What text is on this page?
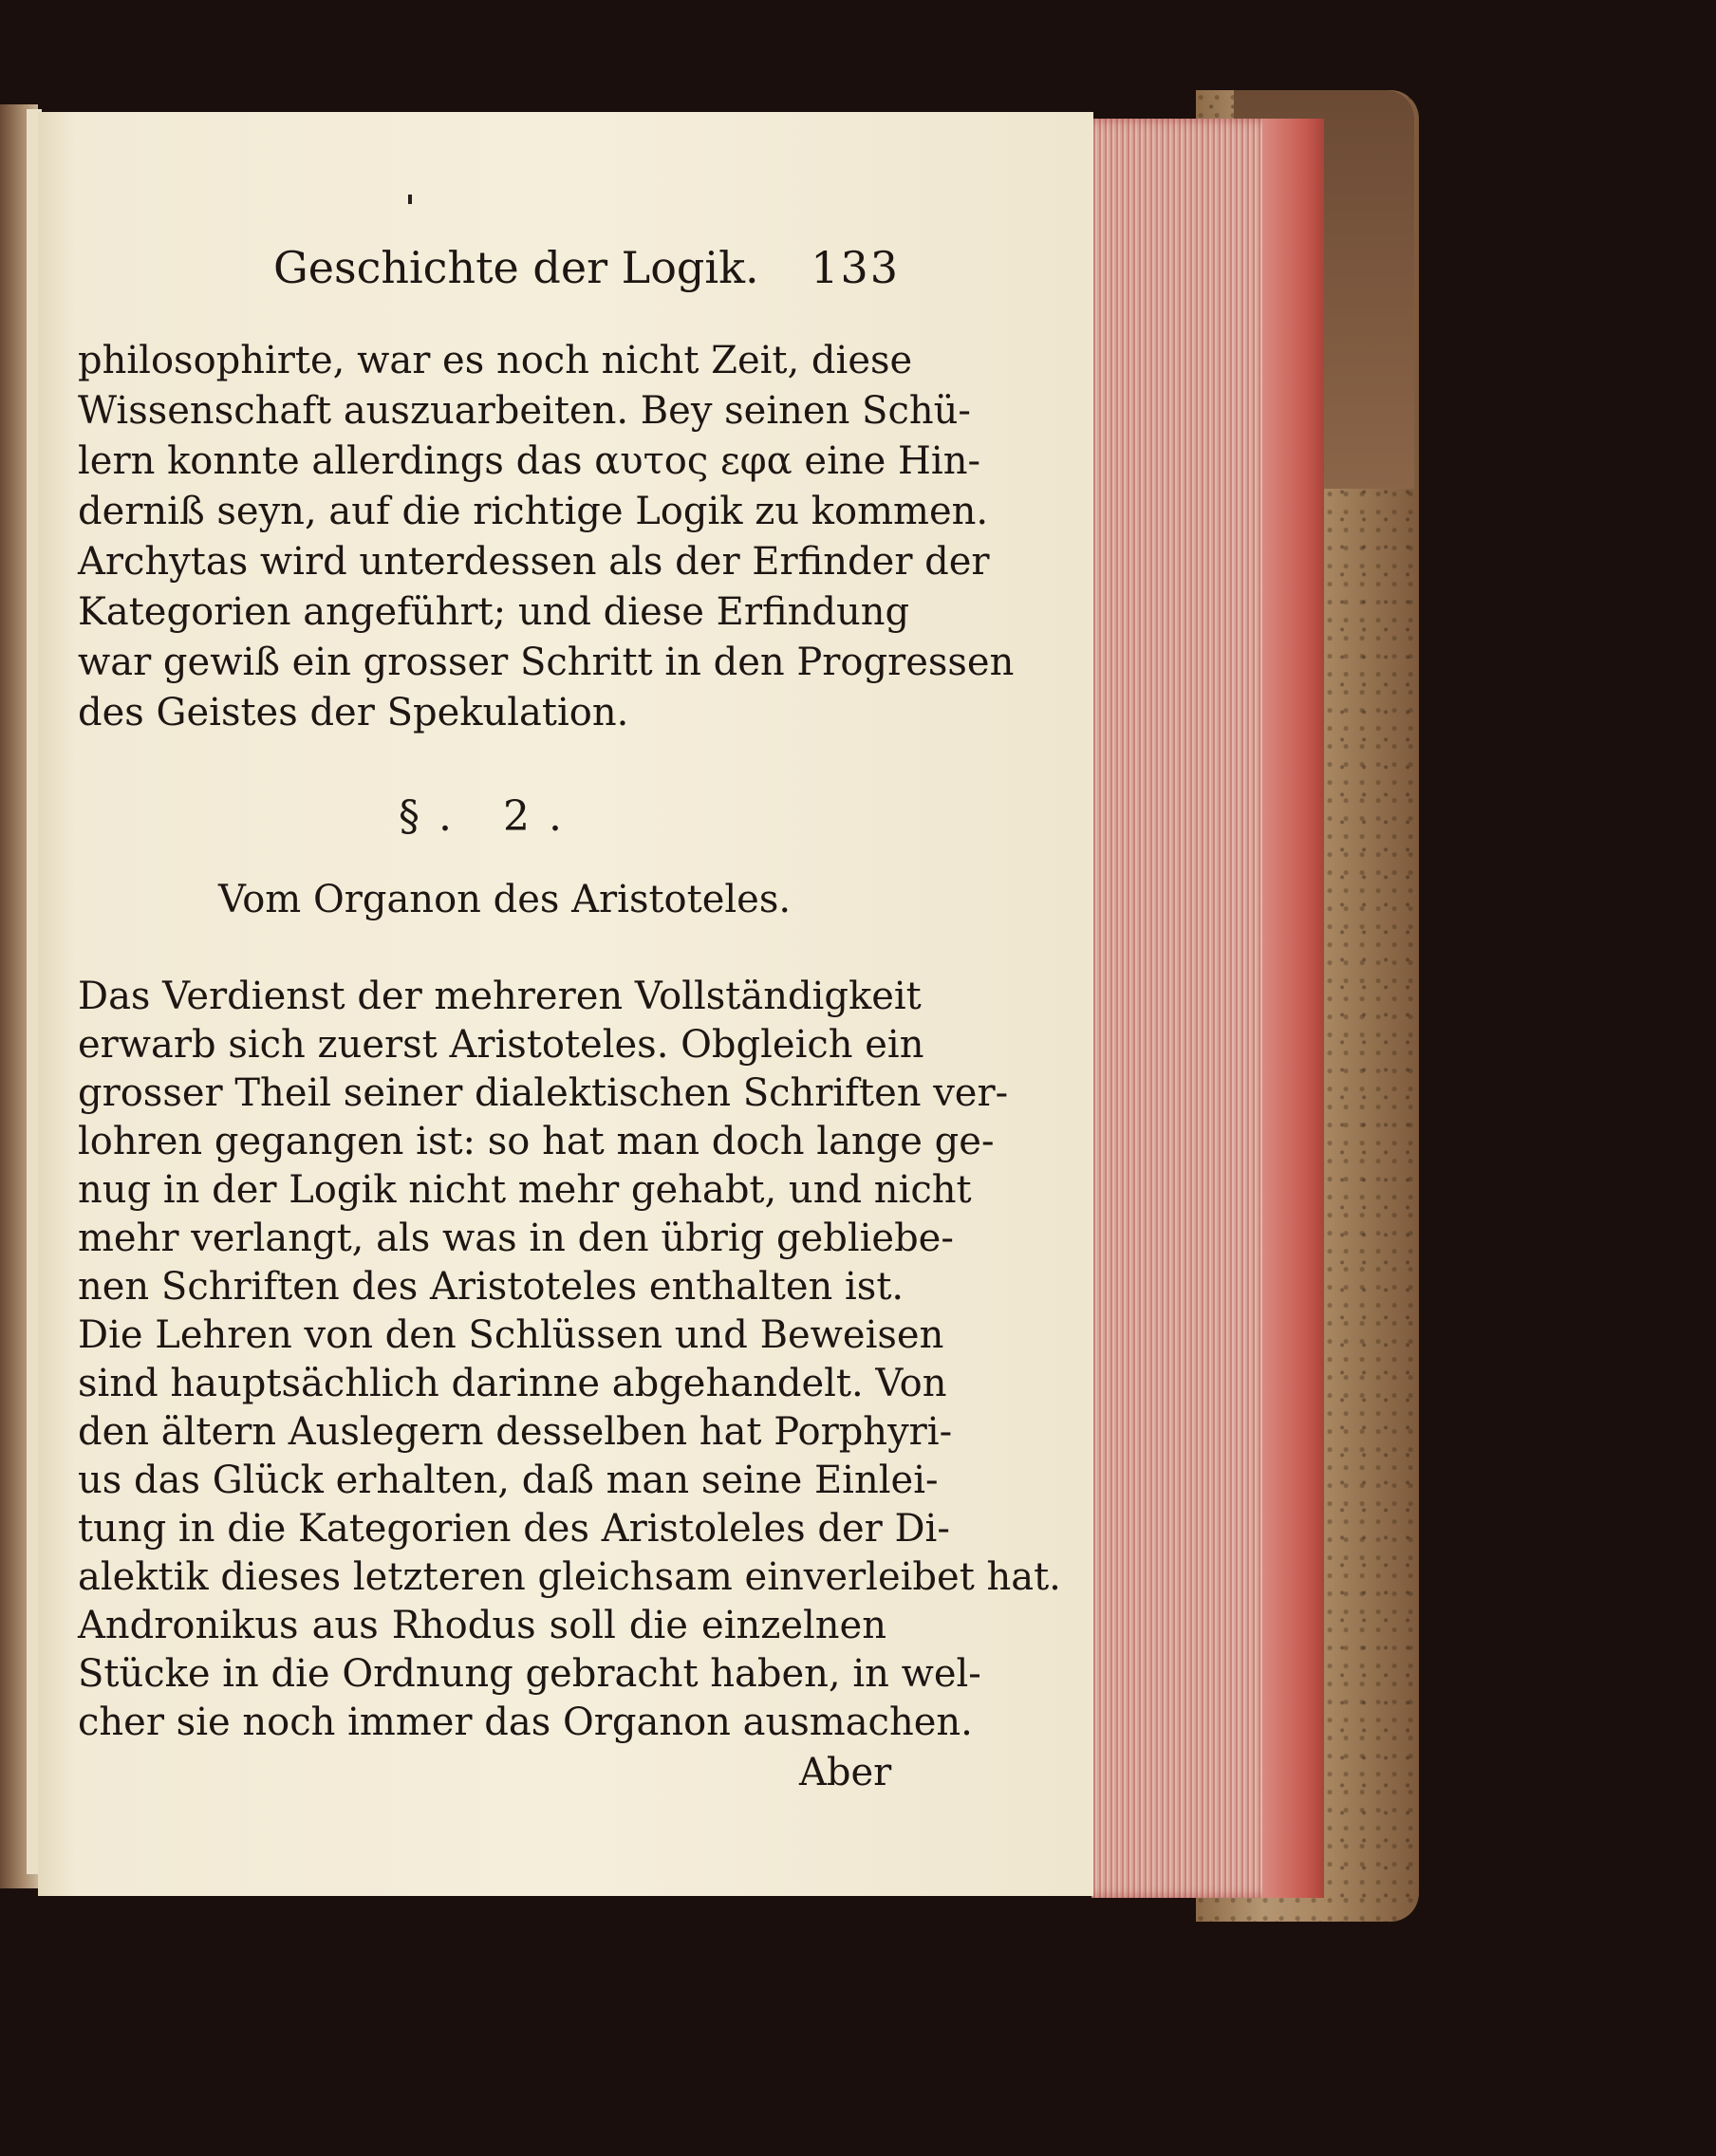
Geschichte der Logik. 133
philosophirte, war es noch nicht Zeit, diese
Wissenschaft auszuarbeiten. Bey seinen Schü-
lern konnte allerdings das αυτος εφα eine Hin-
derniß seyn, auf die richtige Logik zu kommen.
Archytas wird unterdessen als der Erfinder der
Kategorien angeführt; und diese Erfindung
war gewiß ein grosser Schritt in den Progressen
des Geistes der Spekulation.
§. 2.
Vom Organon des Aristoteles.
Das Verdienst der mehreren Vollständigkeit
erwarb sich zuerst Aristoteles. Obgleich ein
grosser Theil seiner dialektischen Schriften ver-
lohren gegangen ist: so hat man doch lange ge-
nug in der Logik nicht mehr gehabt, und nicht
mehr verlangt, als was in den übrig gebliebe-
nen Schriften des Aristoteles enthalten ist.
Die Lehren von den Schlüssen und Beweisen
sind hauptsächlich darinne abgehandelt. Von
den ältern Auslegern desselben hat Porphyri-
us das Glück erhalten, daß man seine Einlei-
tung in die Kategorien des Aristoleles der Di-
alektik dieses letzteren gleichsam einverleibet hat.
Andronikus aus Rhodus soll die einzelnen
Stücke in die Ordnung gebracht haben, in wel-
cher sie noch immer das Organon ausmachen.
Aber
